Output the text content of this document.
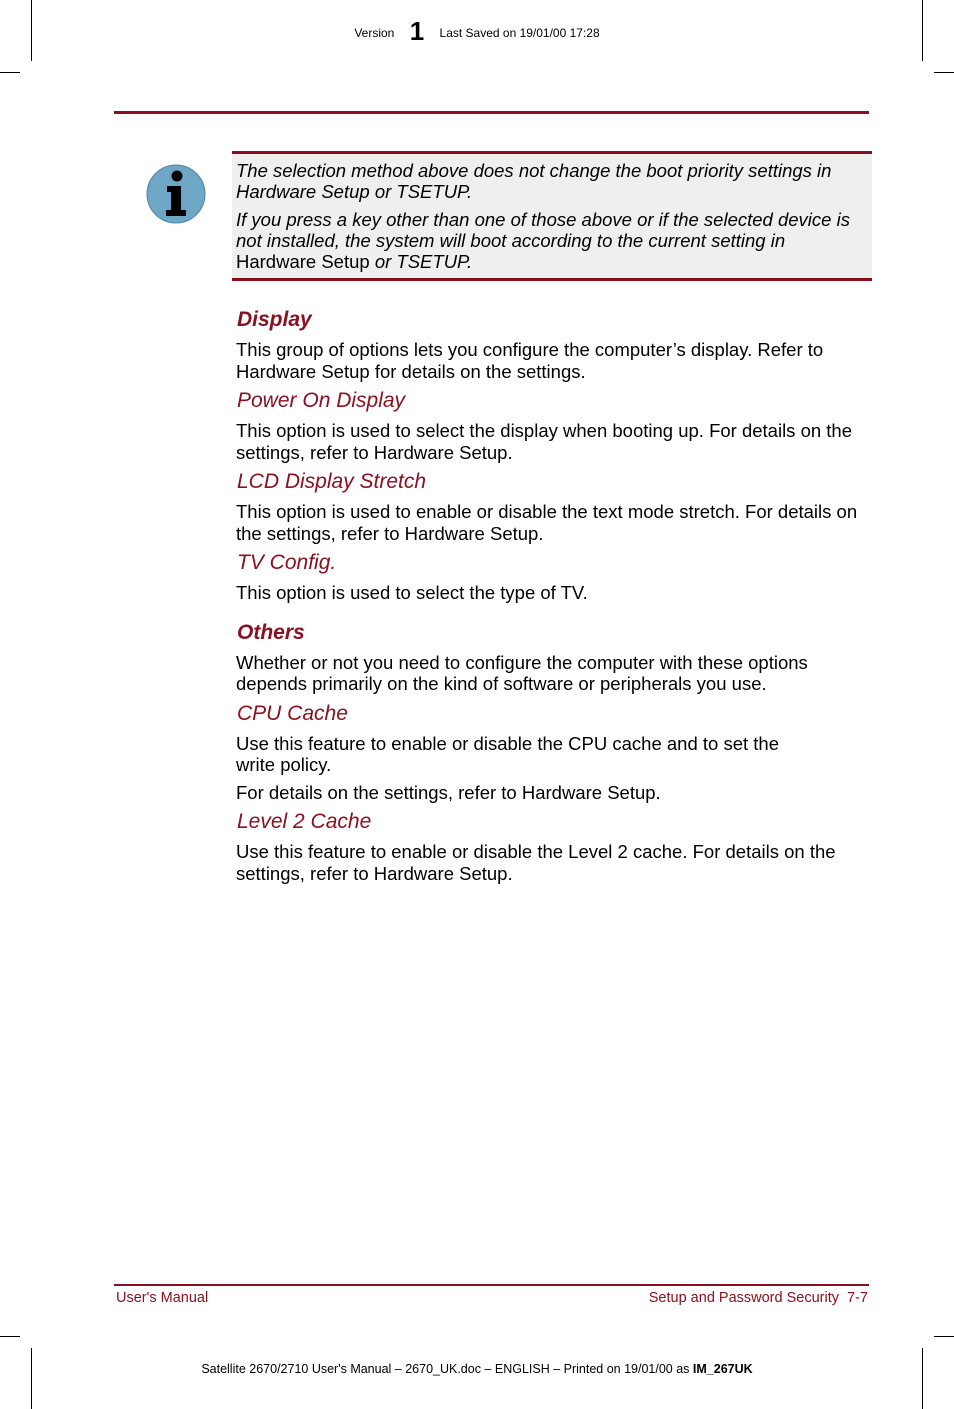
Version 1 Last Saved on 19/01/00 17:28

The selection method above does not change the boot priority settings in Hardware Setup or TSETUP.

If you press a key other than one of those above or if the selected device is not installed, the system will boot according to the current setting in Hardware Setup or TSETUP.

Display
This group of options lets you configure the computer’s display. Refer to Hardware Setup for details on the settings.
Power On Display
This option is used to select the display when booting up. For details on the settings, refer to Hardware Setup.
LCD Display Stretch
This option is used to enable or disable the text mode stretch. For details on the settings, refer to Hardware Setup.
TV Config.
This option is used to select the type of TV.
Others
Whether or not you need to configure the computer with these options depends primarily on the kind of software or peripherals you use.
CPU Cache
Use this feature to enable or disable the CPU cache and to set the
write policy.
For details on the settings, refer to Hardware Setup.
Level 2 Cache
Use this feature to enable or disable the Level 2 cache. For details on the settings, refer to Hardware Setup.
User's Manual	Setup and Password Security  7-7
Satellite 2670/2710 User's Manual – 2670_UK.doc – ENGLISH – Printed on 19/01/00 as IM_267UK
